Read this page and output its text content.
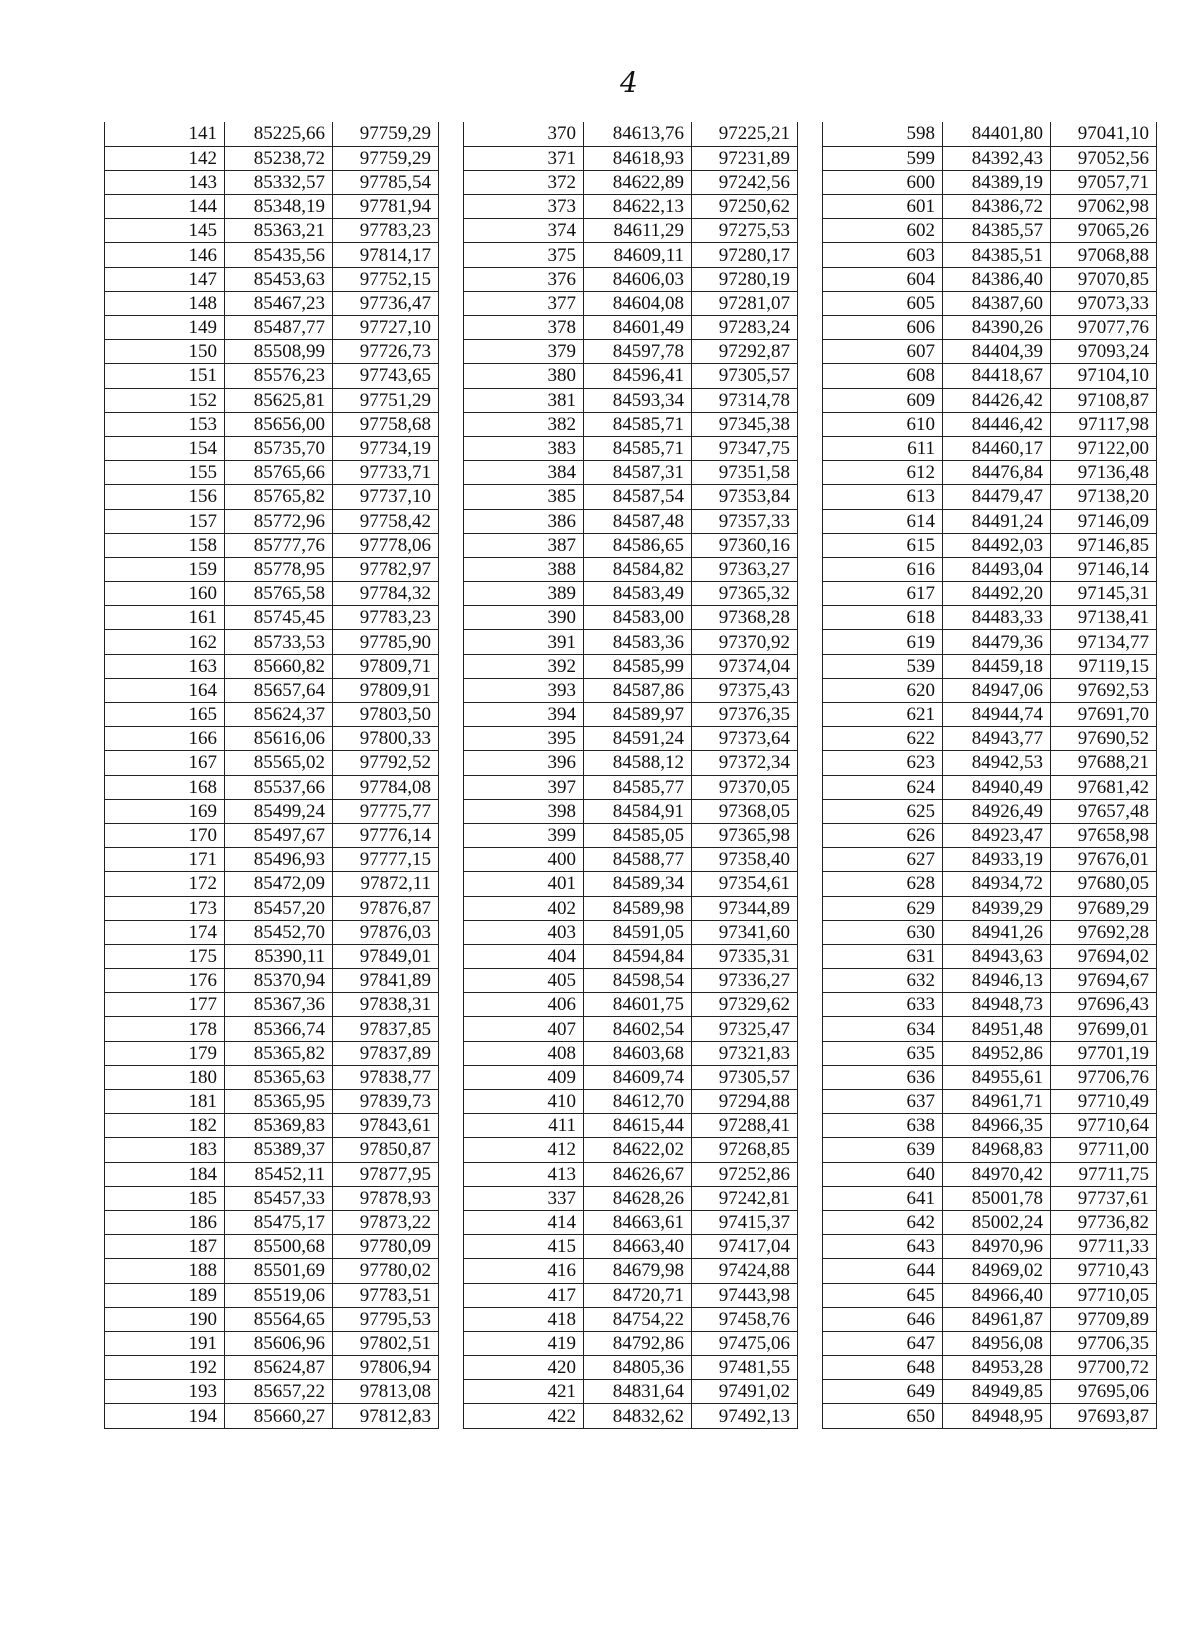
4
141	85225,66	97759,29
142	85238,72	97759,29
143	85332,57	97785,54
144	85348,19	97781,94
145	85363,21	97783,23
146	85435,56	97814,17
147	85453,63	97752,15
148	85467,23	97736,47
149	85487,77	97727,10
150	85508,99	97726,73
151	85576,23	97743,65
152	85625,81	97751,29
153	85656,00	97758,68
154	85735,70	97734,19
155	85765,66	97733,71
156	85765,82	97737,10
157	85772,96	97758,42
158	85777,76	97778,06
159	85778,95	97782,97
160	85765,58	97784,32
161	85745,45	97783,23
162	85733,53	97785,90
163	85660,82	97809,71
164	85657,64	97809,91
165	85624,37	97803,50
166	85616,06	97800,33
167	85565,02	97792,52
168	85537,66	97784,08
169	85499,24	97775,77
170	85497,67	97776,14
171	85496,93	97777,15
172	85472,09	97872,11
173	85457,20	97876,87
174	85452,70	97876,03
175	85390,11	97849,01
176	85370,94	97841,89
177	85367,36	97838,31
178	85366,74	97837,85
179	85365,82	97837,89
180	85365,63	97838,77
181	85365,95	97839,73
182	85369,83	97843,61
183	85389,37	97850,87
184	85452,11	97877,95
185	85457,33	97878,93
186	85475,17	97873,22
187	85500,68	97780,09
188	85501,69	97780,02
189	85519,06	97783,51
190	85564,65	97795,53
191	85606,96	97802,51
192	85624,87	97806,94
193	85657,22	97813,08
194	85660,27	97812,83
370	84613,76	97225,21
371	84618,93	97231,89
372	84622,89	97242,56
373	84622,13	97250,62
374	84611,29	97275,53
375	84609,11	97280,17
376	84606,03	97280,19
377	84604,08	97281,07
378	84601,49	97283,24
379	84597,78	97292,87
380	84596,41	97305,57
381	84593,34	97314,78
382	84585,71	97345,38
383	84585,71	97347,75
384	84587,31	97351,58
385	84587,54	97353,84
386	84587,48	97357,33
387	84586,65	97360,16
388	84584,82	97363,27
389	84583,49	97365,32
390	84583,00	97368,28
391	84583,36	97370,92
392	84585,99	97374,04
393	84587,86	97375,43
394	84589,97	97376,35
395	84591,24	97373,64
396	84588,12	97372,34
397	84585,77	97370,05
398	84584,91	97368,05
399	84585,05	97365,98
400	84588,77	97358,40
401	84589,34	97354,61
402	84589,98	97344,89
403	84591,05	97341,60
404	84594,84	97335,31
405	84598,54	97336,27
406	84601,75	97329,62
407	84602,54	97325,47
408	84603,68	97321,83
409	84609,74	97305,57
410	84612,70	97294,88
411	84615,44	97288,41
412	84622,02	97268,85
413	84626,67	97252,86
337	84628,26	97242,81
414	84663,61	97415,37
415	84663,40	97417,04
416	84679,98	97424,88
417	84720,71	97443,98
418	84754,22	97458,76
419	84792,86	97475,06
420	84805,36	97481,55
421	84831,64	97491,02
422	84832,62	97492,13
598	84401,80	97041,10
599	84392,43	97052,56
600	84389,19	97057,71
601	84386,72	97062,98
602	84385,57	97065,26
603	84385,51	97068,88
604	84386,40	97070,85
605	84387,60	97073,33
606	84390,26	97077,76
607	84404,39	97093,24
608	84418,67	97104,10
609	84426,42	97108,87
610	84446,42	97117,98
611	84460,17	97122,00
612	84476,84	97136,48
613	84479,47	97138,20
614	84491,24	97146,09
615	84492,03	97146,85
616	84493,04	97146,14
617	84492,20	97145,31
618	84483,33	97138,41
619	84479,36	97134,77
539	84459,18	97119,15
620	84947,06	97692,53
621	84944,74	97691,70
622	84943,77	97690,52
623	84942,53	97688,21
624	84940,49	97681,42
625	84926,49	97657,48
626	84923,47	97658,98
627	84933,19	97676,01
628	84934,72	97680,05
629	84939,29	97689,29
630	84941,26	97692,28
631	84943,63	97694,02
632	84946,13	97694,67
633	84948,73	97696,43
634	84951,48	97699,01
635	84952,86	97701,19
636	84955,61	97706,76
637	84961,71	97710,49
638	84966,35	97710,64
639	84968,83	97711,00
640	84970,42	97711,75
641	85001,78	97737,61
642	85002,24	97736,82
643	84970,96	97711,33
644	84969,02	97710,43
645	84966,40	97710,05
646	84961,87	97709,89
647	84956,08	97706,35
648	84953,28	97700,72
649	84949,85	97695,06
650	84948,95	97693,87
